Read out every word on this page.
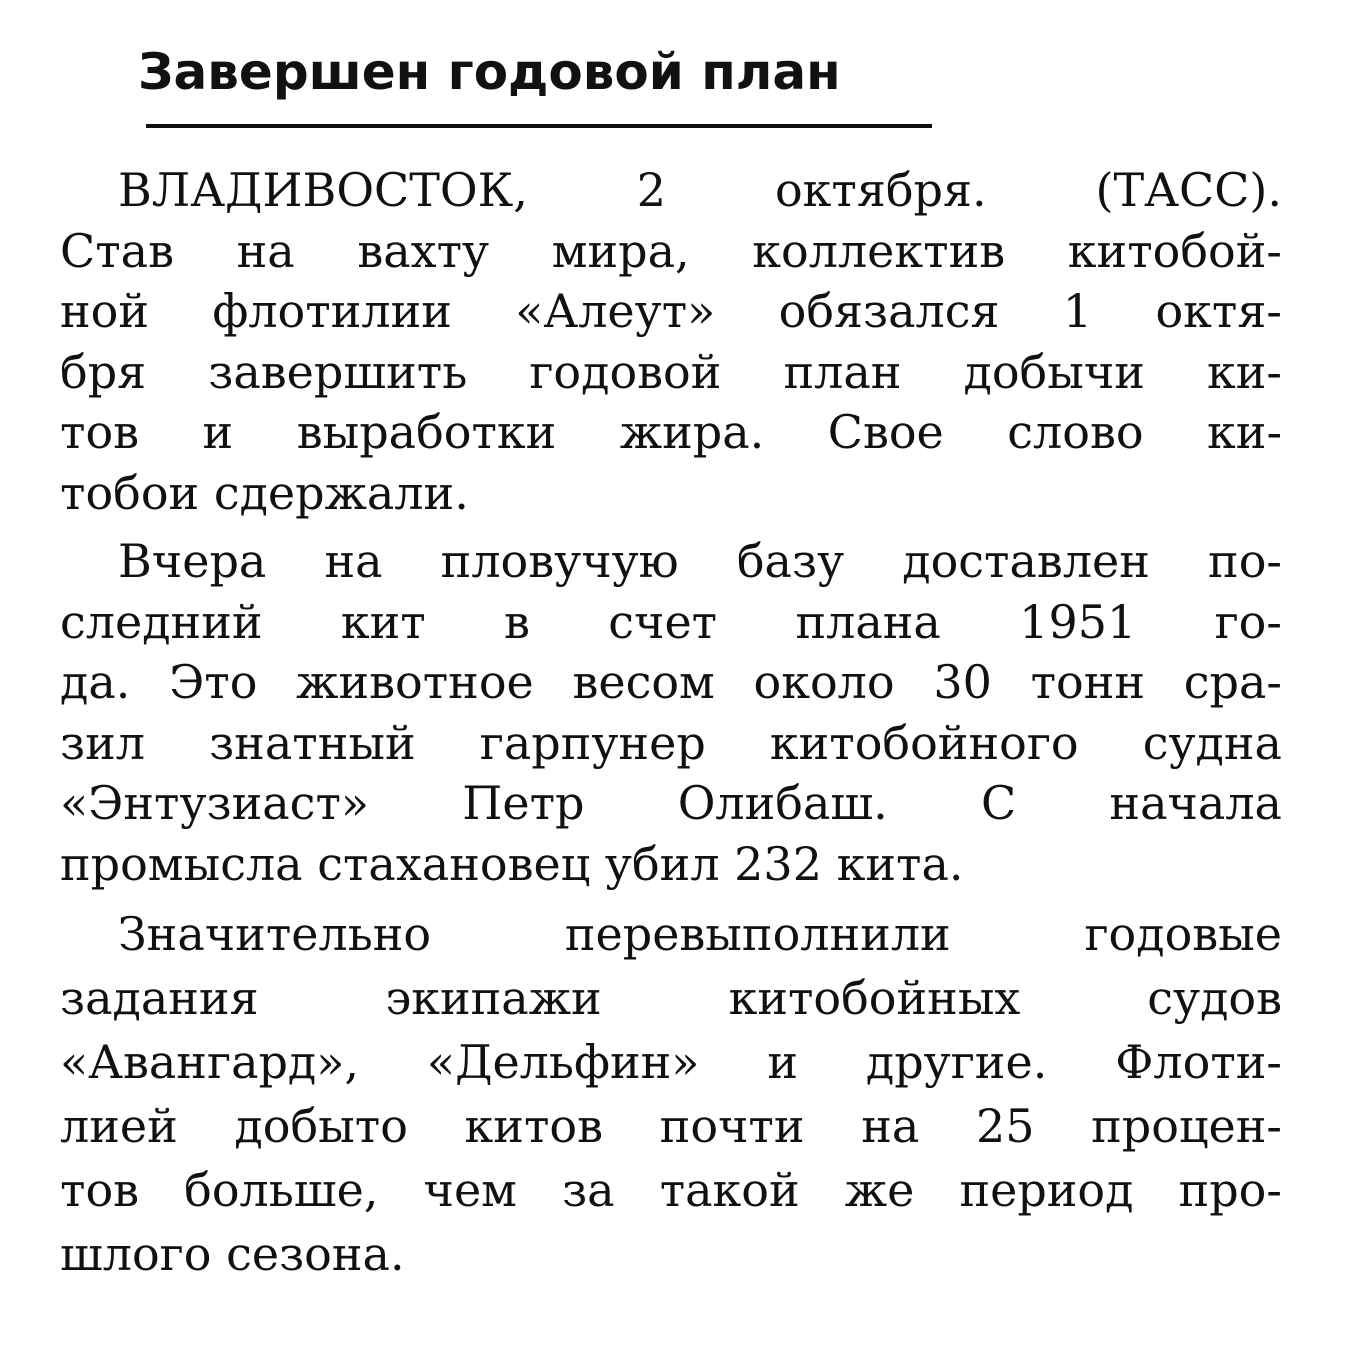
Завершен годовой план

ВЛАДИВОСТОК, 2 октября. (ТАСС).
Став на вахту мира, коллектив китобой-
ной флотилии «Алеут» обязался 1 октя-
бря завершить годовой план добычи ки-
тов и выработки жира. Свое слово ки-
тобои сдержали.

Вчера на пловучую базу доставлен по-
следний кит в счет плана 1951 го-
да. Это животное весом около 30 тонн сра-
зил знатный гарпунер китобойного судна
«Энтузиаст» Петр Олибаш. С начала
промысла стахановец убил 232 кита.

Значительно	перевыполнили	годовые
задания	экипажи	китобойных	судов
«Авангард», «Дельфин» и другие. Флоти-
лией добыто китов почти на 25 процен-
тов больше, чем за такой же период про-
шлого сезона.
